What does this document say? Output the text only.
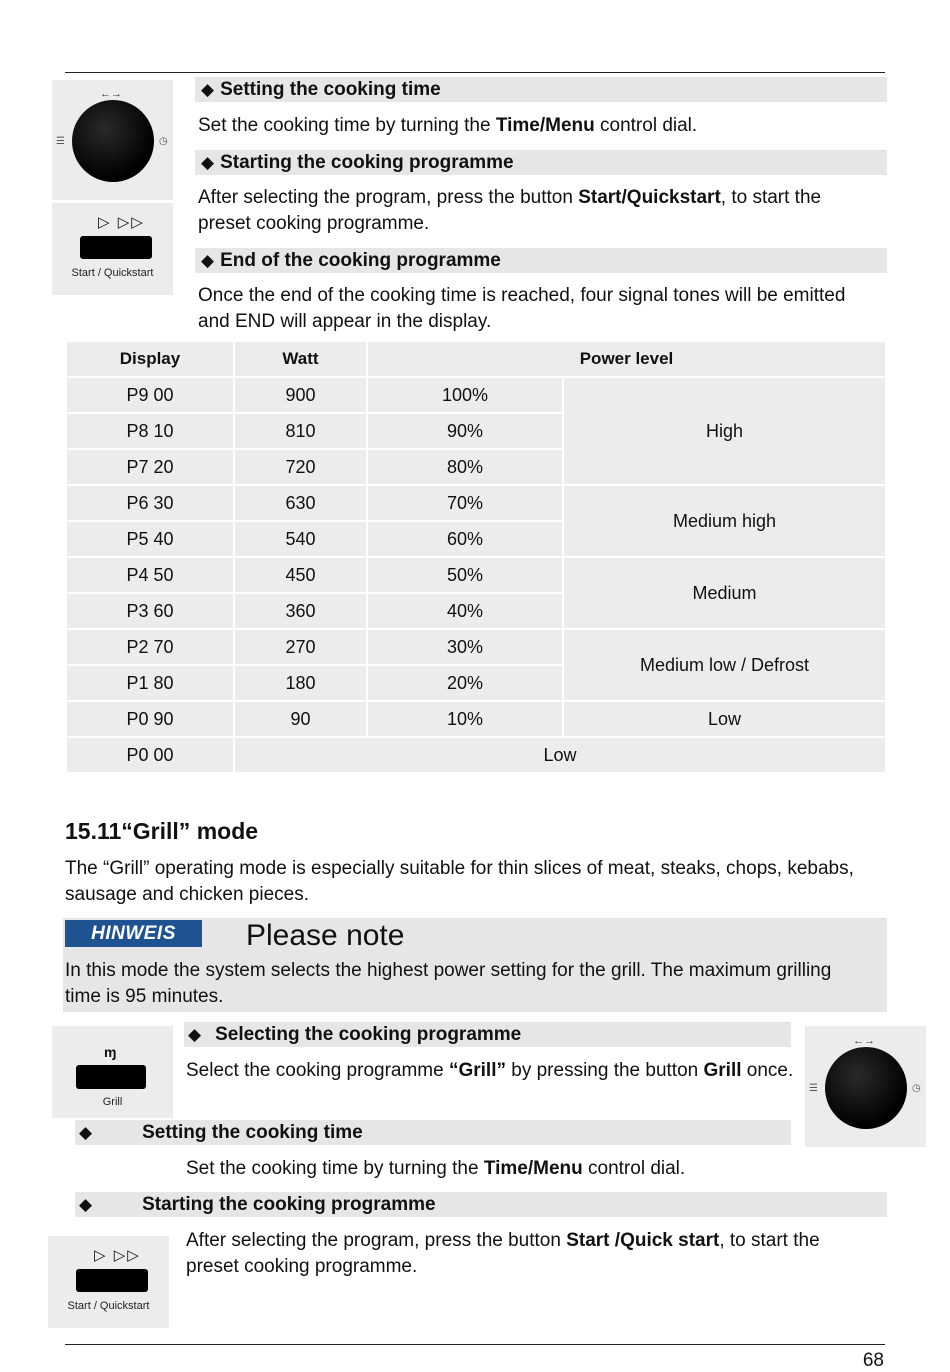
←→
☰	◷
▷ ▷▷
Start / Quickstart
◆ Setting the cooking time
Set the cooking time by turning the Time/Menu control dial.
◆ Starting the cooking programme
After selecting the program, press the button Start/Quickstart, to start the preset cooking programme.
◆ End of the cooking programme
Once the end of the cooking time is reached, four signal tones will be emitted and END will appear in the display.
Display	Watt	Power level	
P9 00	900	100%	High
P8 10	810	90%	
P7 20	720	80%	
P6 30	630	70%	Medium high
P5 40	540	60%	
P4 50	450	50%	Medium
P3 60	360	40%	
P2 70	270	30%	Medium low / Defrost
P1 80	180	20%	
P0 90	90	10%	Low
P0 00	Low		
15.11“Grill” mode
The “Grill” operating mode is especially suitable for thin slices of meat, steaks, chops, kebabs, sausage and chicken pieces.
HINWEIS	Please note
In this mode the system selects the highest power setting for the grill. The maximum grilling time is 95 minutes.
ɱ
Grill
←→
☰	◷
◆ Selecting the cooking programme
Select the cooking programme “Grill” by pressing the button Grill once.
◆	Setting the cooking time
Set the cooking time by turning the Time/Menu control dial.
◆	Starting the cooking programme
After selecting the program, press the button Start /Quick start, to start the preset cooking programme.
▷ ▷▷
Start / Quickstart
68
